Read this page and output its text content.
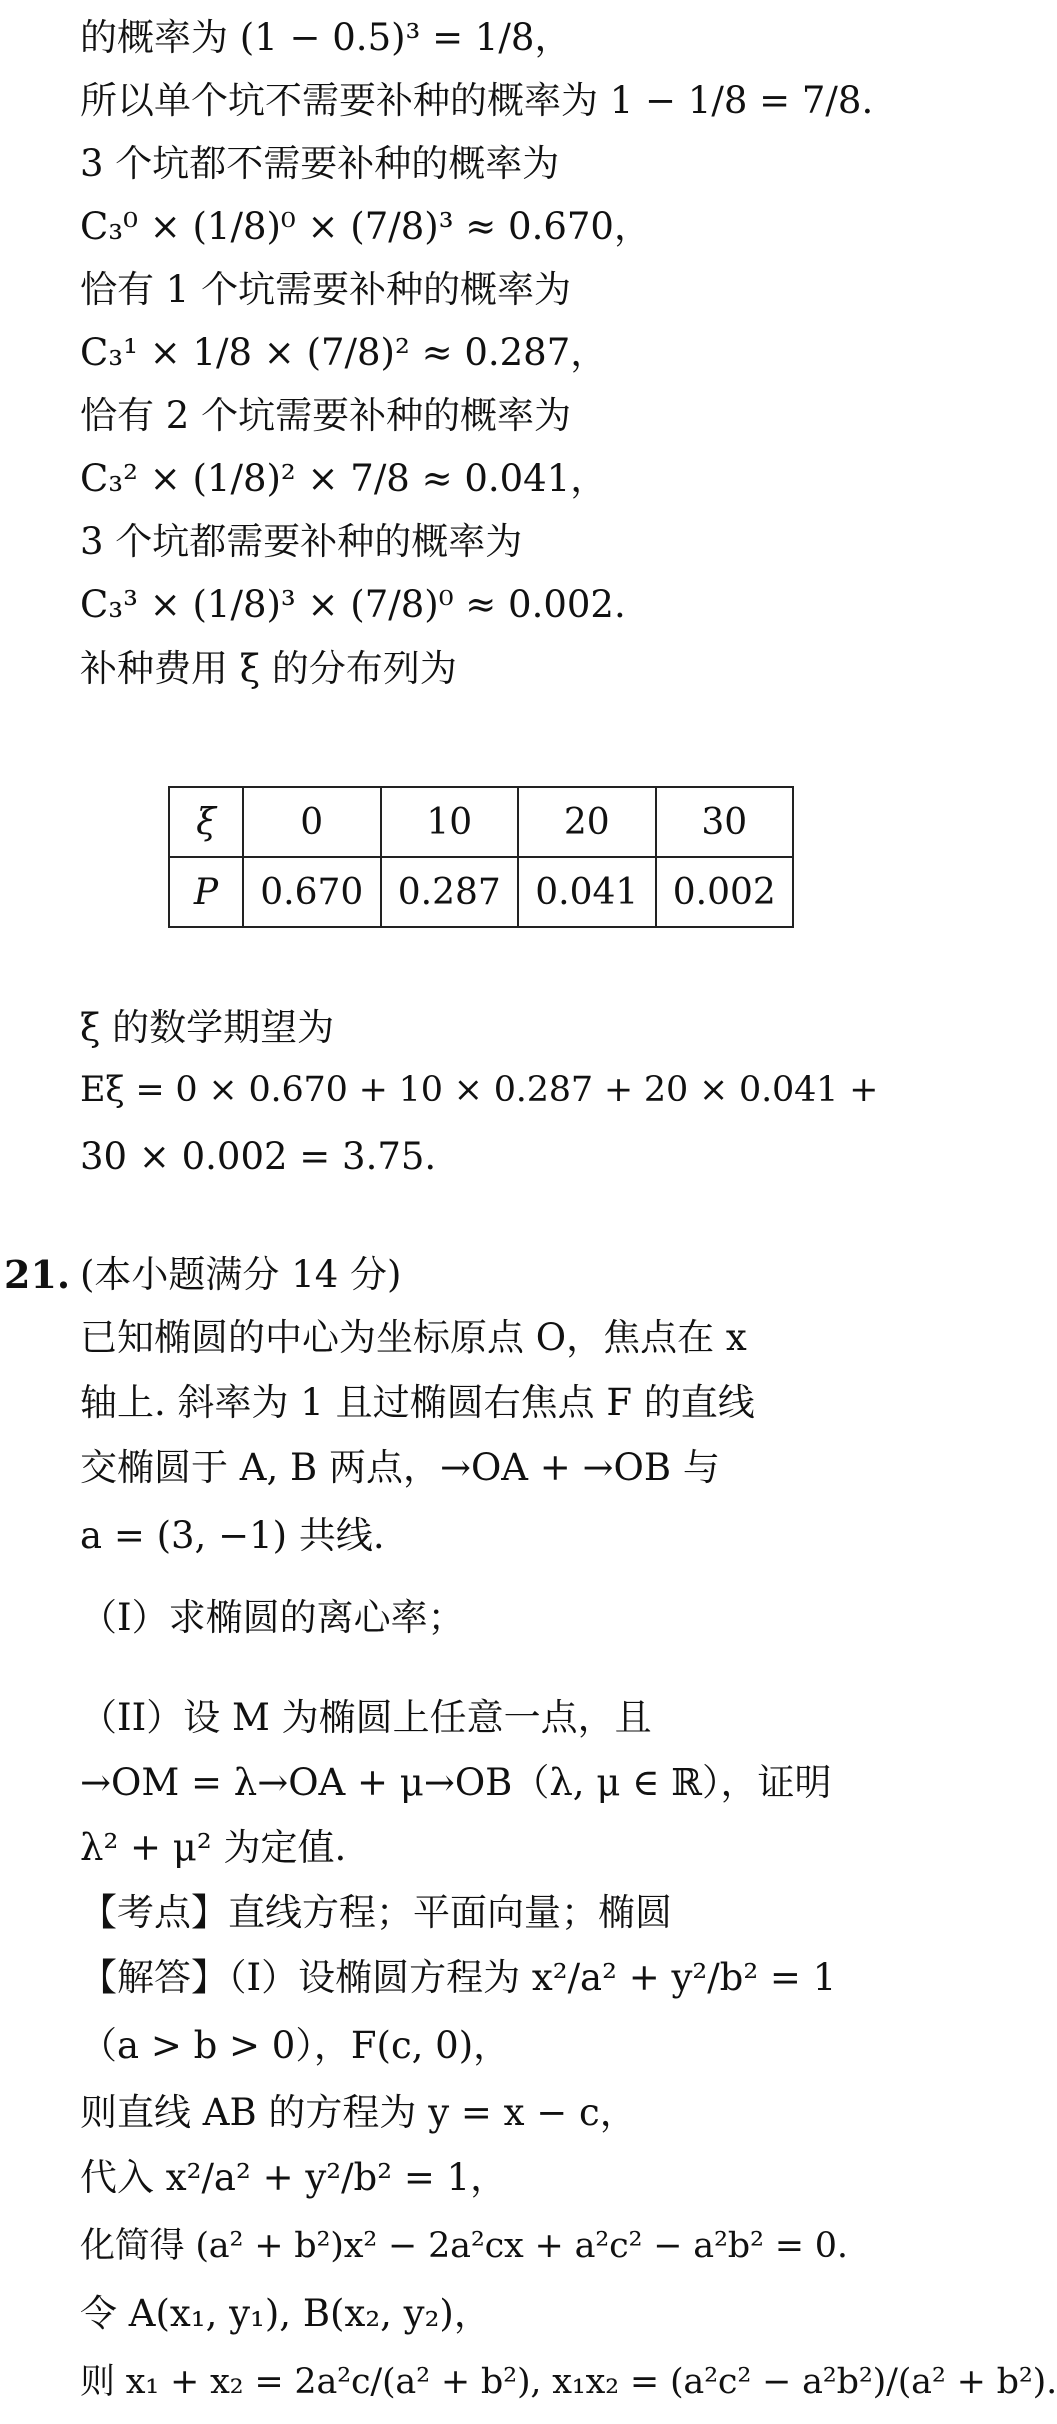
的概率为 (1 − 0.5)³ = 1/8，
所以单个坑不需要补种的概率为 1 − 1/8 = 7/8.
3 个坑都不需要补种的概率为
C₃⁰ × (1/8)⁰ × (7/8)³ ≈ 0.670，
恰有 1 个坑需要补种的概率为
C₃¹ × 1/8 × (7/8)² ≈ 0.287，
恰有 2 个坑需要补种的概率为
C₃² × (1/8)² × 7/8 ≈ 0.041，
3 个坑都需要补种的概率为
C₃³ × (1/8)³ × (7/8)⁰ ≈ 0.002.
补种费用 ξ 的分布列为
ξ	0	10	20	30
P	0.670	0.287	0.041	0.002
ξ 的数学期望为
Eξ = 0 × 0.670 + 10 × 0.287 + 20 × 0.041 +
30 × 0.002 = 3.75.
21. (本小题满分 14 分)
已知椭圆的中心为坐标原点 O，焦点在 x
轴上. 斜率为 1 且过椭圆右焦点 F 的直线
交椭圆于 A, B 两点，→OA + →OB 与
a = (3, −1) 共线.
（I）求椭圆的离心率；
（II）设 M 为椭圆上任意一点，且
→OM = λ→OA + μ→OB（λ, μ ∈ ℝ），证明
λ² + μ² 为定值.
【考点】直线方程；平面向量；椭圆
【解答】（I）设椭圆方程为 x²/a² + y²/b² = 1
（a > b > 0），F(c, 0)，
则直线 AB 的方程为 y = x − c，
代入 x²/a² + y²/b² = 1，
化简得 (a² + b²)x² − 2a²cx + a²c² − a²b² = 0.
令 A(x₁, y₁), B(x₂, y₂)，
则 x₁ + x₂ = 2a²c/(a² + b²), x₁x₂ = (a²c² − a²b²)/(a² + b²).
